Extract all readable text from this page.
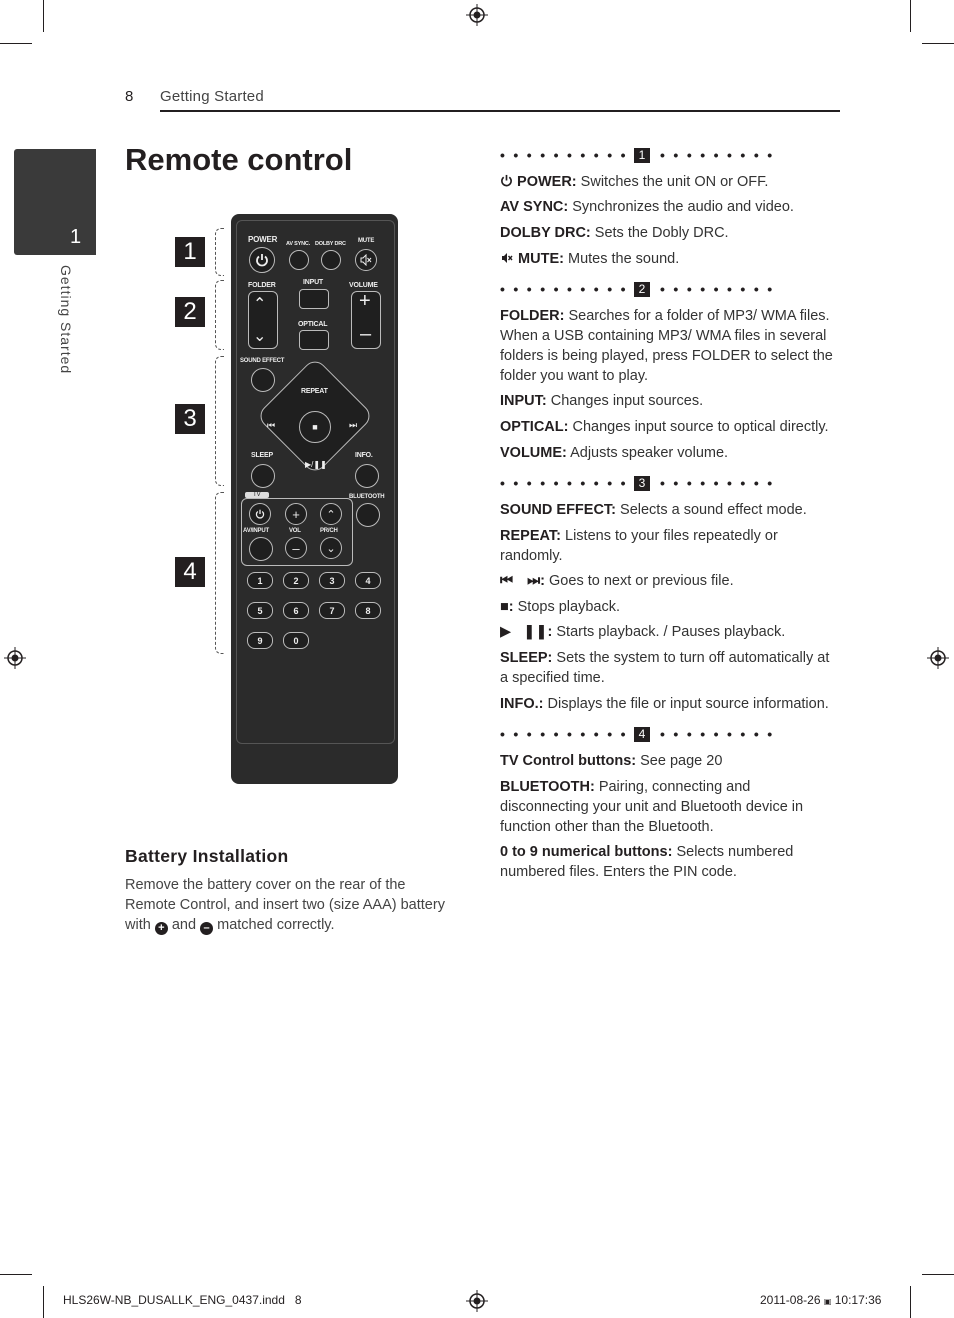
8 Getting Started
1
Getting Started
Remote control
1
2
3
4
POWER AV SYNC. DOLBY DRC MUTE
FOLDER	INPUT	VOLUME
⌃
⌄
OPTICAL
+
–
SOUND EFFECT
REPEAT
■
⏮	⏭
▶/❚❚
SLEEP	INFO.
TV	BLUETOOTH
+	⌃
AV/INPUT	VOL	PR/CH
–	⌄
1	2	3	4
5	6	7	8
9	0
Battery Installation
Remove the battery cover on the rear of the Remote Control, and insert two (size AAA) battery with + and – matched correctly.
•••••••••• 1	•••••••••
POWER: Switches the unit ON or OFF.
AV SYNC: Synchronizes the audio and video.
DOLBY DRC: Sets the Dobly DRC.
MUTE: Mutes the sound.
•••••••••• 2	•••••••••
FOLDER: Searches for a folder of MP3/ WMA files. When a USB containing MP3/ WMA files in several folders is being played, press FOLDER to select the folder you want to play.
INPUT: Changes input sources.
OPTICAL: Changes input source to optical directly.
VOLUME: Adjusts speaker volume.
•••••••••• 3	•••••••••
SOUND EFFECT: Selects a sound effect mode.
REPEAT: Listens to your files repeatedly or randomly.
⏮ ⏭: Goes to next or previous file.
■: Stops playback.
▶ ❚❚: Starts playback. / Pauses playback.
SLEEP: Sets the system to turn off automatically at a specified time.
INFO.: Displays the file or input source information.
•••••••••• 4	•••••••••
TV Control buttons: See page 20
BLUETOOTH: Pairing, connecting and disconnecting your unit and Bluetooth device in function other than the Bluetooth.
0 to 9 numerical buttons: Selects numbered numbered files. Enters the PIN code.
HLS26W-NB_DUSALLK_ENG_0437.indd   8	2011-08-26 ▣ 10:17:36
